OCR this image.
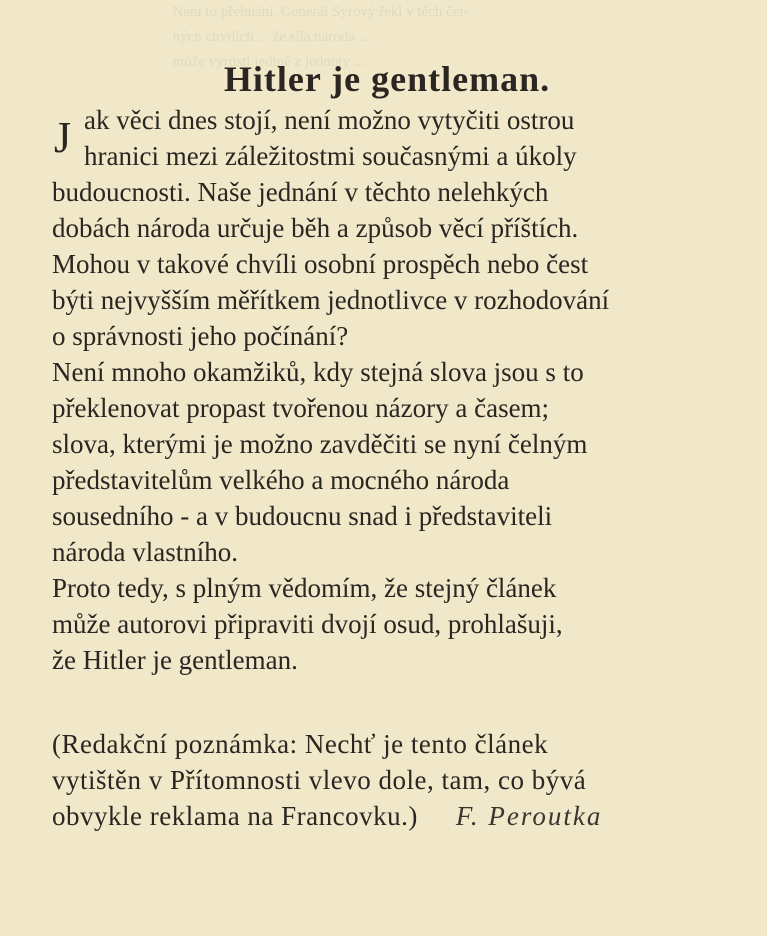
Není to přehnání. Generál Syrový řekl v těch čer-
ných chvílích ... že síla národa ...
může vyrůsti jedině z jednoty ...
Hitler je gentleman.
J ak věci dnes stojí, není možno vytyčiti ostrou

hranici mezi záležitostmi současnými a úkoly

budoucnosti. Naše jednání v těchto nelehkých

dobách národa určuje běh a způsob věcí příštích.

Mohou v takové chvíli osobní prospěch nebo čest

býti nejvyšším měřítkem jednotlivce v rozhodování

o správnosti jeho počínání?

Není mnoho okamžiků, kdy stejná slova jsou s to

překlenovat propast tvořenou názory a časem;

slova, kterými je možno zavděčiti se nyní čelným

představitelům velkého a mocného národa

sousedního - a v budoucnu snad i představiteli

národa vlastního.

Proto tedy, s plným vědomím, že stejný článek

může autorovi připraviti dvojí osud, prohlašuji,

že Hitler je gentleman.

(Redakční poznámka: Nechť je tento článek

vytištěn v Přítomnosti vlevo dole, tam, co bývá

obvykle reklama na Francovku.) F. Peroutka
